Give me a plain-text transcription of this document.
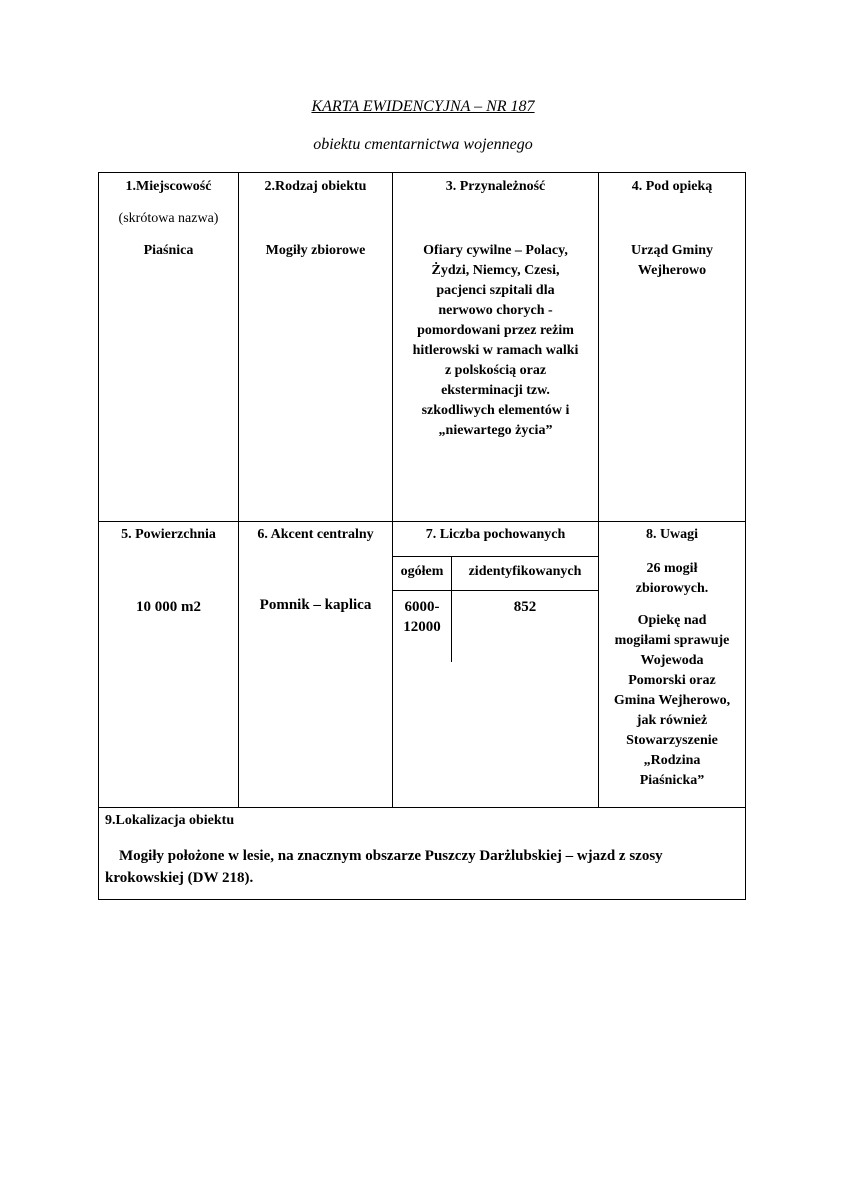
KARTA EWIDENCYJNA – NR 187
obiektu cmentarnictwa wojennego
1.Miejscowość
(skrótowa nazwa)
Piaśnica
2.Rodzaj obiektu
Mogiły zbiorowe
3. Przynależność
Ofiary cywilne – Polacy,
Żydzi, Niemcy, Czesi,
pacjenci szpitali dla
nerwowo chorych -
pomordowani przez reżim
hitlerowski w ramach walki
z polskością oraz
eksterminacji tzw.
szkodliwych elementów i
„niewartego życia”
4. Pod opieką
Urząd Gminy
Wejherowo
5. Powierzchnia
10 000 m2
6. Akcent centralny
Pomnik – kaplica
7. Liczba pochowanych
ogółem	zidentyfikowanych
6000-
12000
852
8. Uwagi
26 mogił
zbiorowych.
Opiekę nad
mogiłami sprawuje
Wojewoda
Pomorski oraz
Gmina Wejherowo,
jak również
Stowarzyszenie
„Rodzina
Piaśnicka”
9.Lokalizacja obiektu
Mogiły położone w lesie, na znacznym obszarze Puszczy Darżlubskiej – wjazd z szosy
krokowskiej (DW 218).
